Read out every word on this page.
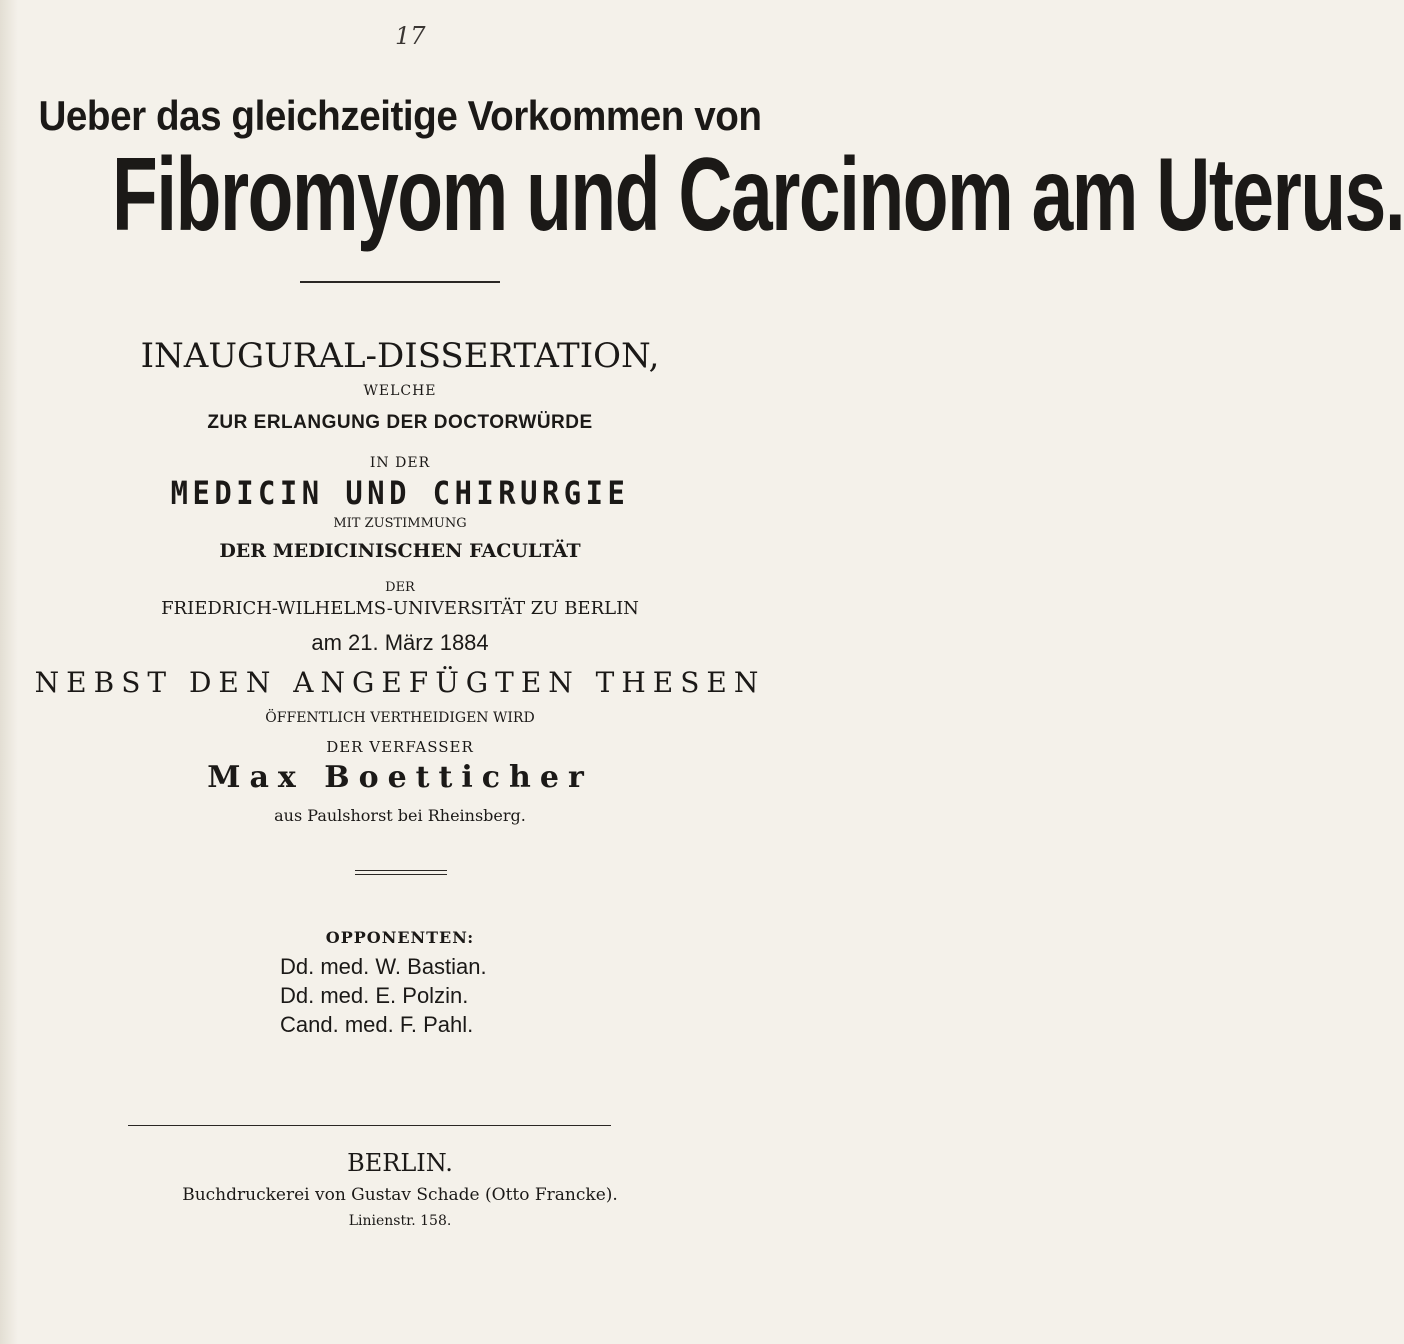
17
Ueber das gleichzeitige Vorkommen von
Fibromyom und Carcinom am Uterus.
INAUGURAL-DISSERTATION,
WELCHE
ZUR ERLANGUNG DER DOCTORWÜRDE
IN DER
MEDICIN UND CHIRURGIE
MIT ZUSTIMMUNG
DER MEDICINISCHEN FACULTÄT
DER
FRIEDRICH-WILHELMS-UNIVERSITÄT ZU BERLIN
am 21. März 1884
NEBST DEN ANGEFÜGTEN THESEN
ÖFFENTLICH VERTHEIDIGEN WIRD
DER VERFASSER
Max Boetticher
aus Paulshorst bei Rheinsberg.
OPPONENTEN:
Dd. med. W. Bastian.
Dd. med. E. Polzin.
Cand. med. F. Pahl.
BERLIN.
Buchdruckerei von Gustav Schade (Otto Francke).
Linienstr. 158.
